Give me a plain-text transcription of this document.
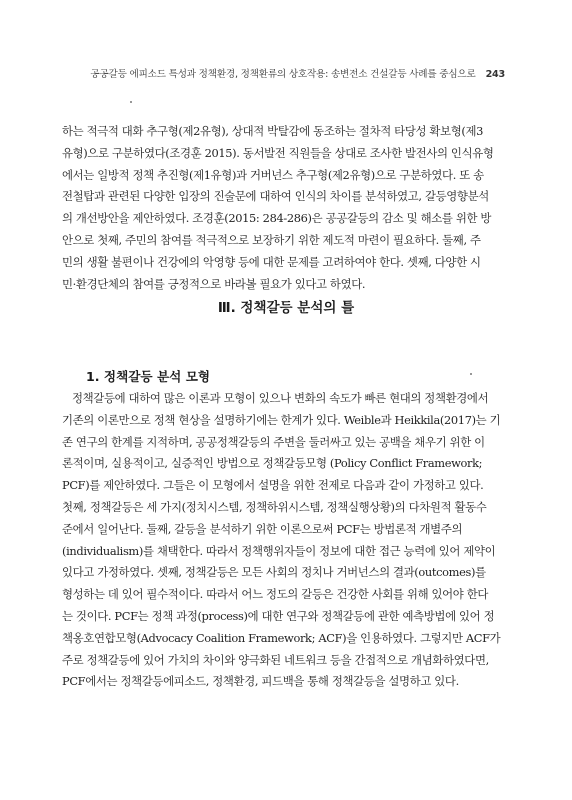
공공갈등 에피소드 특성과 정책환경, 정책환류의 상호작용: 송변전소 건설갈등 사례를 중심으로 243
하는 적극적 대화 추구형(제2유형), 상대적 박탈감에 동조하는 절차적 타당성 확보형(제3
유형)으로 구분하였다(조경훈 2015). 동서발전 직원들을 상대로 조사한 발전사의 인식유형
에서는 일방적 정책 추진형(제1유형)과 거버넌스 추구형(제2유형)으로 구분하였다. 또 송
전철탑과 관련된 다양한 입장의 진술문에 대하여 인식의 차이를 분석하였고, 갈등영향분석
의 개선방안을 제안하였다. 조경훈(2015: 284-286)은 공공갈등의 감소 및 해소를 위한 방
안으로 첫째, 주민의 참여를 적극적으로 보장하기 위한 제도적 마련이 필요하다. 둘째, 주
민의 생활 불편이나 건강에의 악영향 등에 대한 문제를 고려하여야 한다. 셋째, 다양한 시
민·환경단체의 참여를 긍정적으로 바라볼 필요가 있다고 하였다.
Ⅲ. 정책갈등 분석의 틀
1. 정책갈등 분석 모형
정책갈등에 대하여 많은 이론과 모형이 있으나 변화의 속도가 빠른 현대의 정책환경에서
기존의 이론만으로 정책 현상을 설명하기에는 한계가 있다. Weible과 Heikkila(2017)는 기
존 연구의 한계를 지적하며, 공공정책갈등의 주변을 둘러싸고 있는 공백을 채우기 위한 이
론적이며, 실용적이고, 실증적인 방법으로 정책갈등모형 (Policy Conflict Framework;
PCF)를 제안하였다. 그들은 이 모형에서 설명을 위한 전제로 다음과 같이 가정하고 있다.
첫째, 정책갈등은 세 가지(정치시스템, 정책하위시스템, 정책실행상황)의 다차원적 활동수
준에서 일어난다. 둘째, 갈등을 분석하기 위한 이론으로써 PCF는 방법론적 개별주의
(individualism)를 채택한다. 따라서 정책행위자들이 정보에 대한 접근 능력에 있어 제약이
있다고 가정하였다. 셋째, 정책갈등은 모든 사회의 정치나 거버넌스의 결과(outcomes)를
형성하는 데 있어 필수적이다. 따라서 어느 정도의 갈등은 건강한 사회를 위해 있어야 한다
는 것이다. PCF는 정책 과정(process)에 대한 연구와 정책갈등에 관한 예측방법에 있어 정
책옹호연합모형(Advocacy Coalition Framework; ACF)을 인용하였다. 그렇지만 ACF가
주로 정책갈등에 있어 가치의 차이와 양극화된 네트워크 등을 간접적으로 개념화하였다면,
PCF에서는 정책갈등에피소드, 정책환경, 피드백을 통해 정책갈등을 설명하고 있다.
